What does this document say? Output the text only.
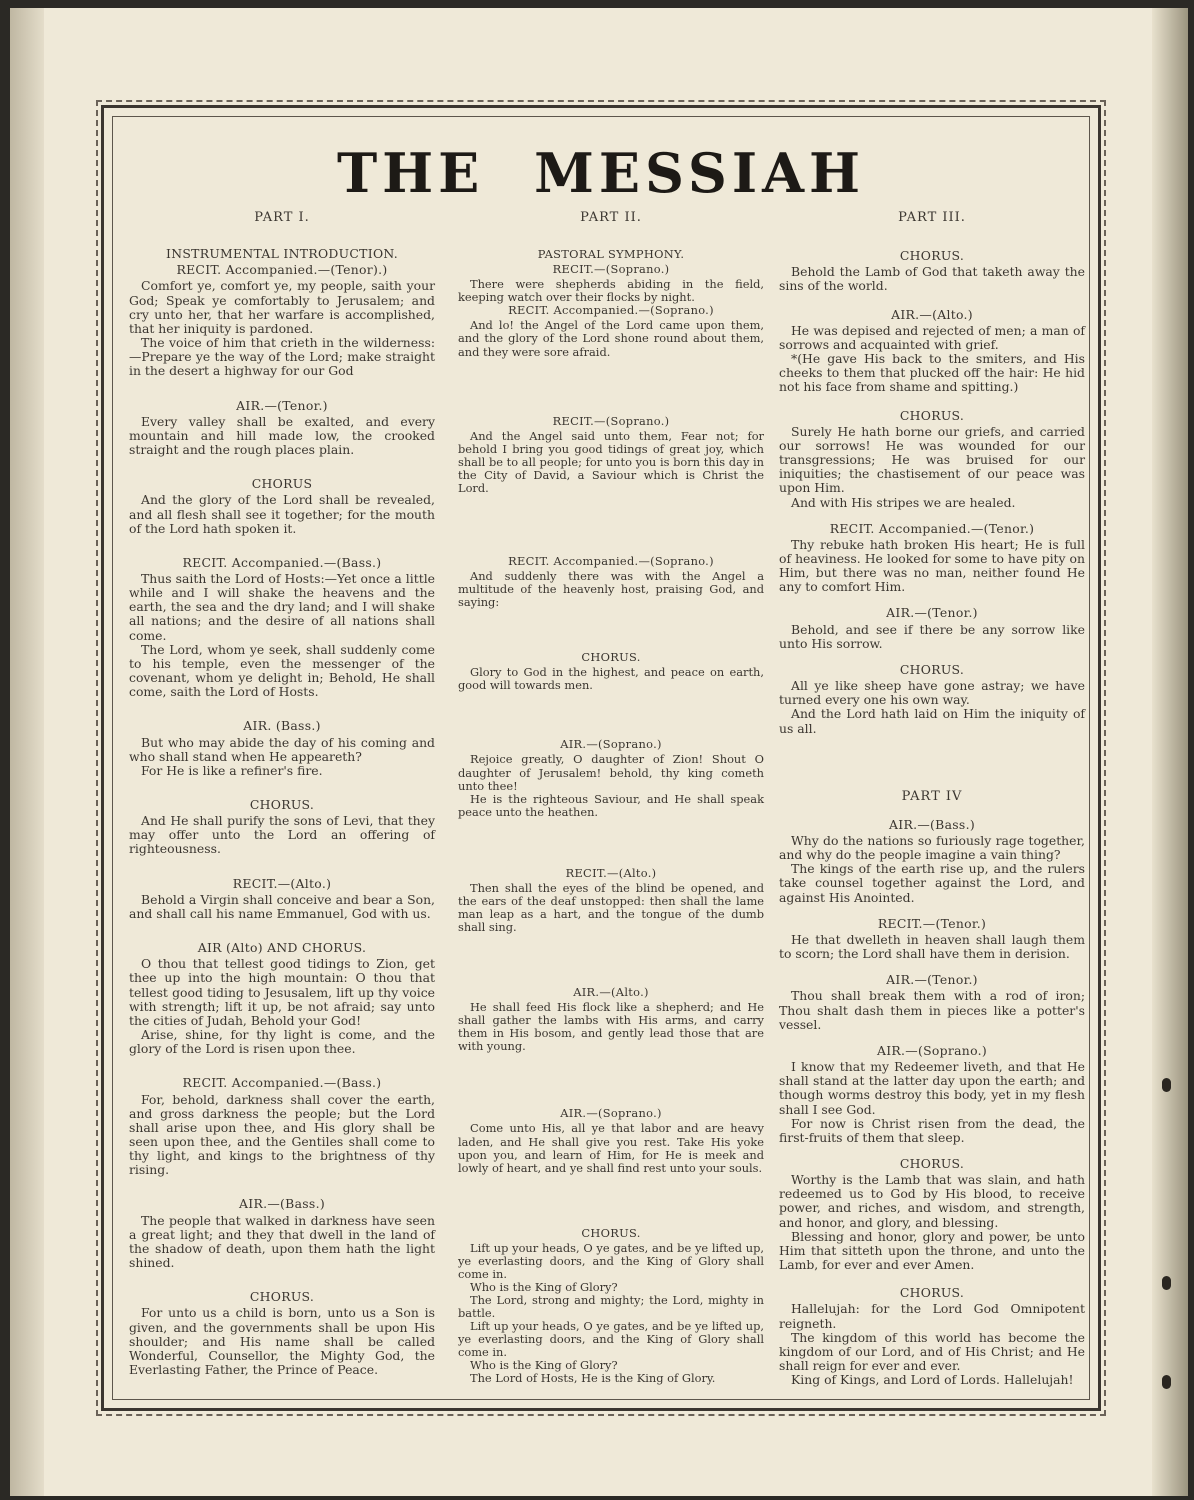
THE MESSIAH
PART I.
INSTRUMENTAL INTRODUCTION.
RECIT. Accompanied.—(Tenor).)
Comfort ye, comfort ye, my people, saith your God; Speak ye comfortably to Jerusalem; and cry unto her, that her warfare is accomplished, that her iniquity is pardoned.
The voice of him that crieth in the wilderness:—Prepare ye the way of the Lord; make straight in the desert a highway for our God
AIR.—(Tenor.)
Every valley shall be exalted, and every mountain and hill made low, the crooked straight and the rough places plain.
CHORUS
And the glory of the Lord shall be revealed, and all flesh shall see it together; for the mouth of the Lord hath spoken it.
RECIT. Accompanied.—(Bass.)
Thus saith the Lord of Hosts:—Yet once a little while and I will shake the heavens and the earth, the sea and the dry land; and I will shake all nations; and the desire of all nations shall come.
The Lord, whom ye seek, shall suddenly come to his temple, even the messenger of the covenant, whom ye delight in; Behold, He shall come, saith the Lord of Hosts.
AIR. (Bass.)
But who may abide the day of his coming and who shall stand when He appeareth?
For He is like a refiner's fire.
CHORUS.
And He shall purify the sons of Levi, that they may offer unto the Lord an offering of righteousness.
RECIT.—(Alto.)
Behold a Virgin shall conceive and bear a Son, and shall call his name Emmanuel, God with us.
AIR (Alto) AND CHORUS.
O thou that tellest good tidings to Zion, get thee up into the high mountain: O thou that tellest good tiding to Jesusalem, lift up thy voice with strength; lift it up, be not afraid; say unto the cities of Judah, Behold your God!
Arise, shine, for thy light is come, and the glory of the Lord is risen upon thee.
RECIT. Accompanied.—(Bass.)
For, behold, darkness shall cover the earth, and gross darkness the people; but the Lord shall arise upon thee, and His glory shall be seen upon thee, and the Gentiles shall come to thy light, and kings to the brightness of thy rising.
AIR.—(Bass.)
The people that walked in darkness have seen a great light; and they that dwell in the land of the shadow of death, upon them hath the light shined.
CHORUS.
For unto us a child is born, unto us a Son is given, and the governments shall be upon His shoulder; and His name shall be called Wonderful, Counsellor, the Mighty God, the Everlasting Father, the Prince of Peace.
PART II.
PASTORAL SYMPHONY.
RECIT.—(Soprano.)
There were shepherds abiding in the field, keeping watch over their flocks by night.
RECIT. Accompanied.—(Soprano.)
And lo! the Angel of the Lord came upon them, and the glory of the Lord shone round about them, and they were sore afraid.
RECIT.—(Soprano.)
And the Angel said unto them, Fear not; for behold I bring you good tidings of great joy, which shall be to all people; for unto you is born this day in the City of David, a Saviour which is Christ the Lord.
RECIT. Accompanied.—(Soprano.)
And suddenly there was with the Angel a multitude of the heavenly host, praising God, and saying:
CHORUS.
Glory to God in the highest, and peace on earth, good will towards men.
AIR.—(Soprano.)
Rejoice greatly, O daughter of Zion! Shout O daughter of Jerusalem! behold, thy king cometh unto thee!
He is the righteous Saviour, and He shall speak peace unto the heathen.
RECIT.—(Alto.)
Then shall the eyes of the blind be opened, and the ears of the deaf unstopped: then shall the lame man leap as a hart, and the tongue of the dumb shall sing.
AIR.—(Alto.)
He shall feed His flock like a shepherd; and He shall gather the lambs with His arms, and carry them in His bosom, and gently lead those that are with young.
AIR.—(Soprano.)
Come unto His, all ye that labor and are heavy laden, and He shall give you rest. Take His yoke upon you, and learn of Him, for He is meek and lowly of heart, and ye shall find rest unto your souls.
CHORUS.
Lift up your heads, O ye gates, and be ye lifted up, ye everlasting doors, and the King of Glory shall come in.
Who is the King of Glory?
The Lord, strong and mighty; the Lord, mighty in battle.
Lift up your heads, O ye gates, and be ye lifted up, ye everlasting doors, and the King of Glory shall come in.
Who is the King of Glory?
The Lord of Hosts, He is the King of Glory.
PART III.
CHORUS.
Behold the Lamb of God that taketh away the sins of the world.
AIR.—(Alto.)
He was depised and rejected of men; a man of sorrows and acquainted with grief.
*(He gave His back to the smiters, and His cheeks to them that plucked off the hair: He hid not his face from shame and spitting.)
CHORUS.
Surely He hath borne our griefs, and carried our sorrows! He was wounded for our transgressions; He was bruised for our iniquities; the chastisement of our peace was upon Him.
And with His stripes we are healed.
RECIT. Accompanied.—(Tenor.)
Thy rebuke hath broken His heart; He is full of heaviness. He looked for some to have pity on Him, but there was no man, neither found He any to comfort Him.
AIR.—(Tenor.)
Behold, and see if there be any sorrow like unto His sorrow.
CHORUS.
All ye like sheep have gone astray; we have turned every one his own way.
And the Lord hath laid on Him the iniquity of us all.
PART IV
AIR.—(Bass.)
Why do the nations so furiously rage together, and why do the people imagine a vain thing?
The kings of the earth rise up, and the rulers take counsel together against the Lord, and against His Anointed.
RECIT.—(Tenor.)
He that dwelleth in heaven shall laugh them to scorn; the Lord shall have them in derision.
AIR.—(Tenor.)
Thou shall break them with a rod of iron; Thou shalt dash them in pieces like a potter's vessel.
AIR.—(Soprano.)
I know that my Redeemer liveth, and that He shall stand at the latter day upon the earth; and though worms destroy this body, yet in my flesh shall I see God.
For now is Christ risen from the dead, the first-fruits of them that sleep.
CHORUS.
Worthy is the Lamb that was slain, and hath redeemed us to God by His blood, to receive power, and riches, and wisdom, and strength, and honor, and glory, and blessing.
Blessing and honor, glory and power, be unto Him that sitteth upon the throne, and unto the Lamb, for ever and ever Amen.
CHORUS.
Hallelujah: for the Lord God Omnipotent reigneth.
The kingdom of this world has become the kingdom of our Lord, and of His Christ; and He shall reign for ever and ever.
King of Kings, and Lord of Lords. Hallelujah!
